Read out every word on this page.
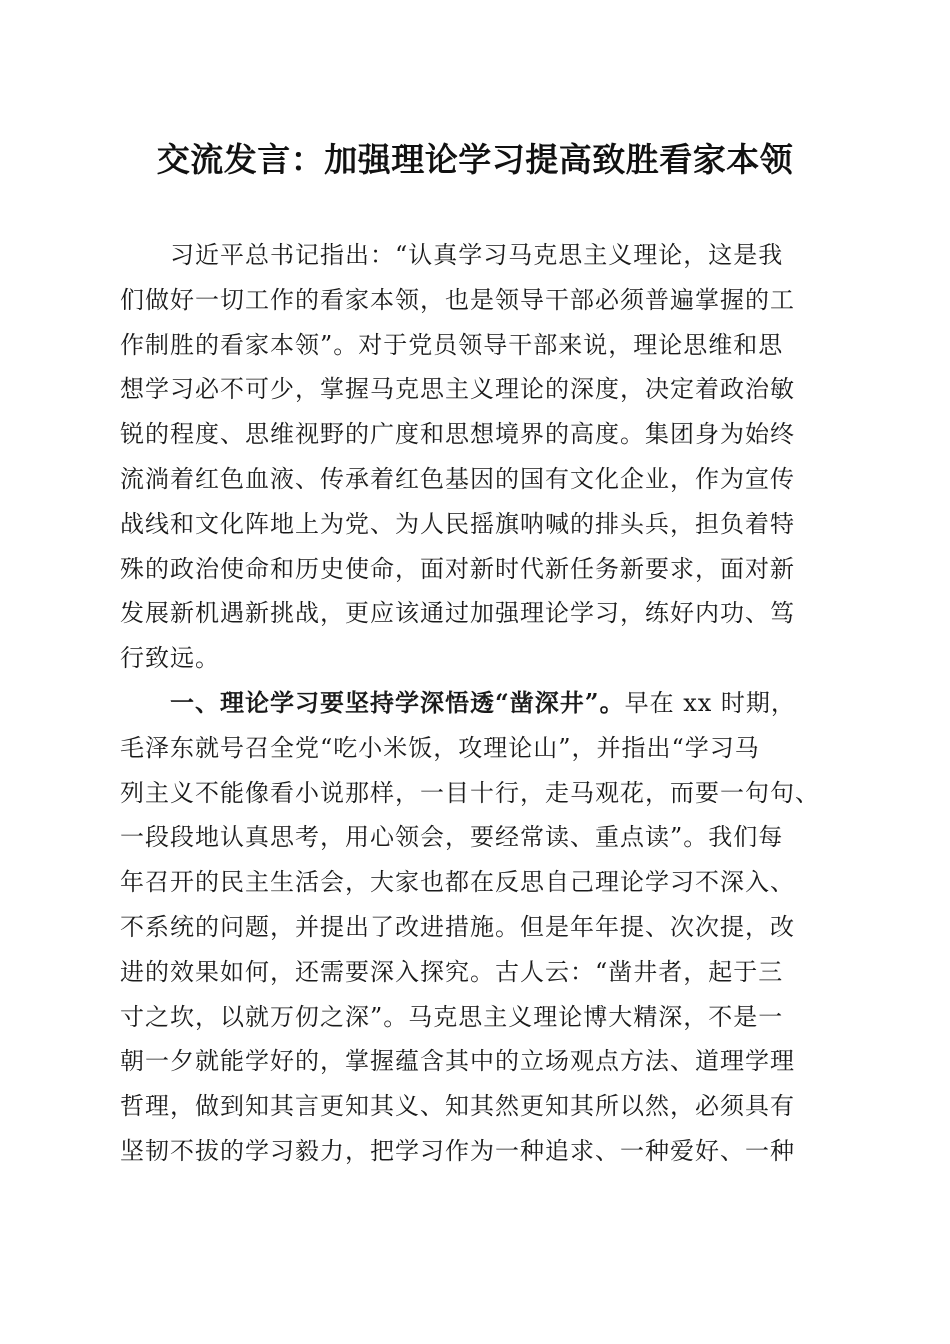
交流发言：加强理论学习提高致胜看家本领
习近平总书记指出：“认真学习马克思主义理论，这是我
们做好一切工作的看家本领，也是领导干部必须普遍掌握的工
作制胜的看家本领”。对于党员领导干部来说，理论思维和思
想学习必不可少，掌握马克思主义理论的深度，决定着政治敏
锐的程度、思维视野的广度和思想境界的高度。集团身为始终
流淌着红色血液、传承着红色基因的国有文化企业，作为宣传
战线和文化阵地上为党、为人民摇旗呐喊的排头兵，担负着特
殊的政治使命和历史使命，面对新时代新任务新要求，面对新
发展新机遇新挑战，更应该通过加强理论学习，练好内功、笃
行致远。
一、理论学习要坚持学深悟透“凿深井”。早在 xx 时期，
毛泽东就号召全党“吃小米饭，攻理论山”，并指出“学习马
列主义不能像看小说那样，一目十行，走马观花，而要一句句、
一段段地认真思考，用心领会，要经常读、重点读”。我们每
年召开的民主生活会，大家也都在反思自己理论学习不深入、
不系统的问题，并提出了改进措施。但是年年提、次次提，改
进的效果如何，还需要深入探究。古人云：“凿井者，起于三
寸之坎，以就万仞之深”。马克思主义理论博大精深，不是一
朝一夕就能学好的，掌握蕴含其中的立场观点方法、道理学理
哲理，做到知其言更知其义、知其然更知其所以然，必须具有
坚韧不拔的学习毅力，把学习作为一种追求、一种爱好、一种
